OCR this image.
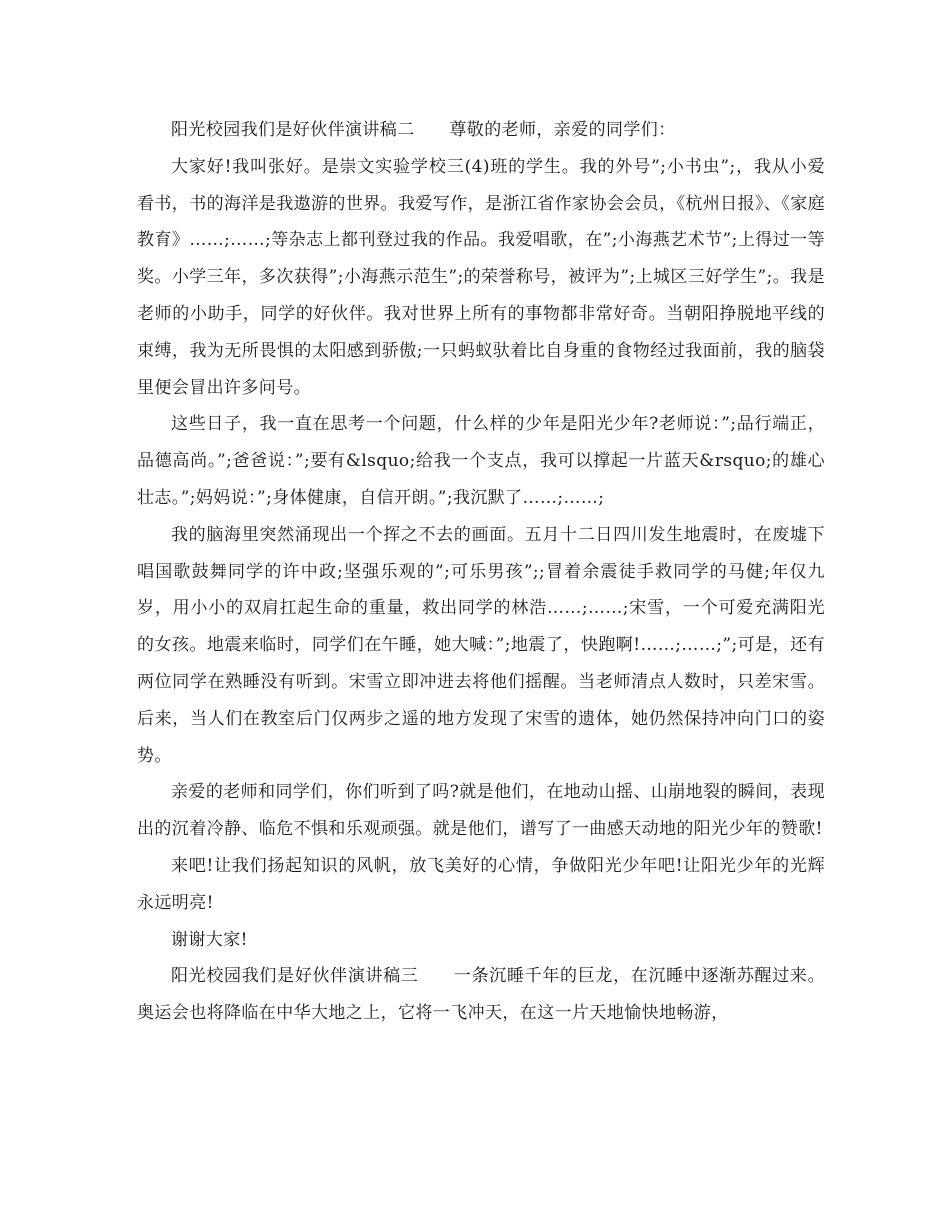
阳光校园我们是好伙伴演讲稿二　　尊敬的老师，亲爱的同学们：

大家好!我叫张好。是崇文实验学校三(4)班的学生。我的外号”;小书虫”;，我从小爱看书，书的海洋是我遨游的世界。我爱写作，是浙江省作家协会会员，《杭州日报》、《家庭教育》……;……;等杂志上都刊登过我的作品。我爱唱歌，在”;小海燕艺术节”;上得过一等奖。小学三年，多次获得”;小海燕示范生”;的荣誉称号，被评为”;上城区三好学生”;。我是老师的小助手，同学的好伙伴。我对世界上所有的事物都非常好奇。当朝阳挣脱地平线的束缚，我为无所畏惧的太阳感到骄傲;一只蚂蚁驮着比自身重的食物经过我面前，我的脑袋里便会冒出许多问号。

这些日子，我一直在思考一个问题，什么样的少年是阳光少年?老师说：”;品行端正，品德高尚。”;爸爸说：”;要有&lsquo;给我一个支点，我可以撑起一片蓝天&rsquo;的雄心壮志。”;妈妈说：”;身体健康，自信开朗。”;我沉默了……;……;

我的脑海里突然涌现出一个挥之不去的画面。五月十二日四川发生地震时，在废墟下唱国歌鼓舞同学的许中政;坚强乐观的”;可乐男孩”;;冒着余震徒手救同学的马健;年仅九岁，用小小的双肩扛起生命的重量，救出同学的林浩……;……;宋雪，一个可爱充满阳光的女孩。地震来临时，同学们在午睡，她大喊：”;地震了，快跑啊!……;……;”;可是，还有两位同学在熟睡没有听到。宋雪立即冲进去将他们摇醒。当老师清点人数时，只差宋雪。后来，当人们在教室后门仅两步之遥的地方发现了宋雪的遗体，她仍然保持冲向门口的姿势。

亲爱的老师和同学们，你们听到了吗?就是他们，在地动山摇、山崩地裂的瞬间，表现出的沉着冷静、临危不惧和乐观顽强。就是他们，谱写了一曲感天动地的阳光少年的赞歌!

来吧!让我们扬起知识的风帆，放飞美好的心情，争做阳光少年吧!让阳光少年的光辉永远明亮!

谢谢大家!

阳光校园我们是好伙伴演讲稿三　　一条沉睡千年的巨龙，在沉睡中逐渐苏醒过来。奥运会也将降临在中华大地之上，它将一飞冲天，在这一片天地愉快地畅游，
